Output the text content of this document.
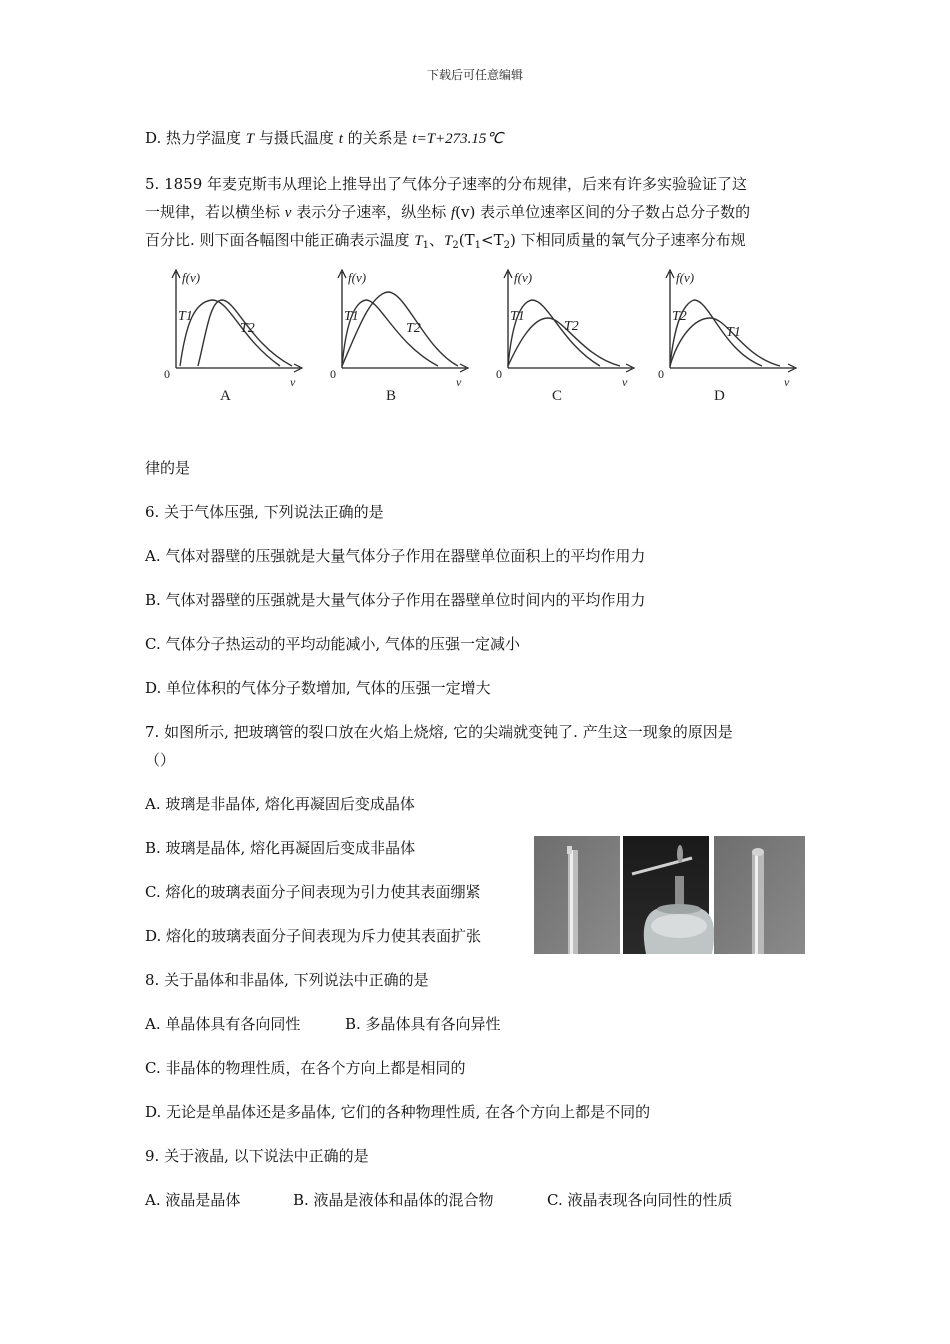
下载后可任意编辑
D. 热力学温度 T 与摄氏温度 t 的关系是 t=T+273.15℃
5. 1859 年麦克斯韦从理论上推导出了气体分子速率的分布规律，后来有许多实验验证了这
一规律，若以横坐标 v 表示分子速率，纵坐标 f(v) 表示单位速率区间的分子数占总分子数的
百分比. 则下面各幅图中能正确表示温度 $T_1$、$T_2(T_1<T_2)$ 下相同质量的氧气分子速率分布规
f(v)
0
v
T1
T2
A
f(v)
0
v
T1
T2
B
f(v)
0
v
T1
T2
C
f(v)
0
v
T2
T1
D
律的是
6. 关于气体压强, 下列说法正确的是
A. 气体对器壁的压强就是大量气体分子作用在器壁单位面积上的平均作用力
B. 气体对器壁的压强就是大量气体分子作用在器壁单位时间内的平均作用力
C. 气体分子热运动的平均动能减小, 气体的压强一定减小
D. 单位体积的气体分子数增加, 气体的压强一定增大
7. 如图所示, 把玻璃管的裂口放在火焰上烧熔, 它的尖端就变钝了. 产生这一现象的原因是
（）
A. 玻璃是非晶体, 熔化再凝固后变成晶体
B. 玻璃是晶体, 熔化再凝固后变成非晶体
C. 熔化的玻璃表面分子间表现为引力使其表面绷紧
D. 熔化的玻璃表面分子间表现为斥力使其表面扩张
8. 关于晶体和非晶体, 下列说法中正确的是
A. 单晶体具有各向同性	B. 多晶体具有各向异性
C. 非晶体的物理性质，在各个方向上都是相同的
D. 无论是单晶体还是多晶体, 它们的各种物理性质, 在各个方向上都是不同的
9. 关于液晶, 以下说法中正确的是
A. 液晶是晶体	B. 液晶是液体和晶体的混合物	C. 液晶表现各向同性的性质
